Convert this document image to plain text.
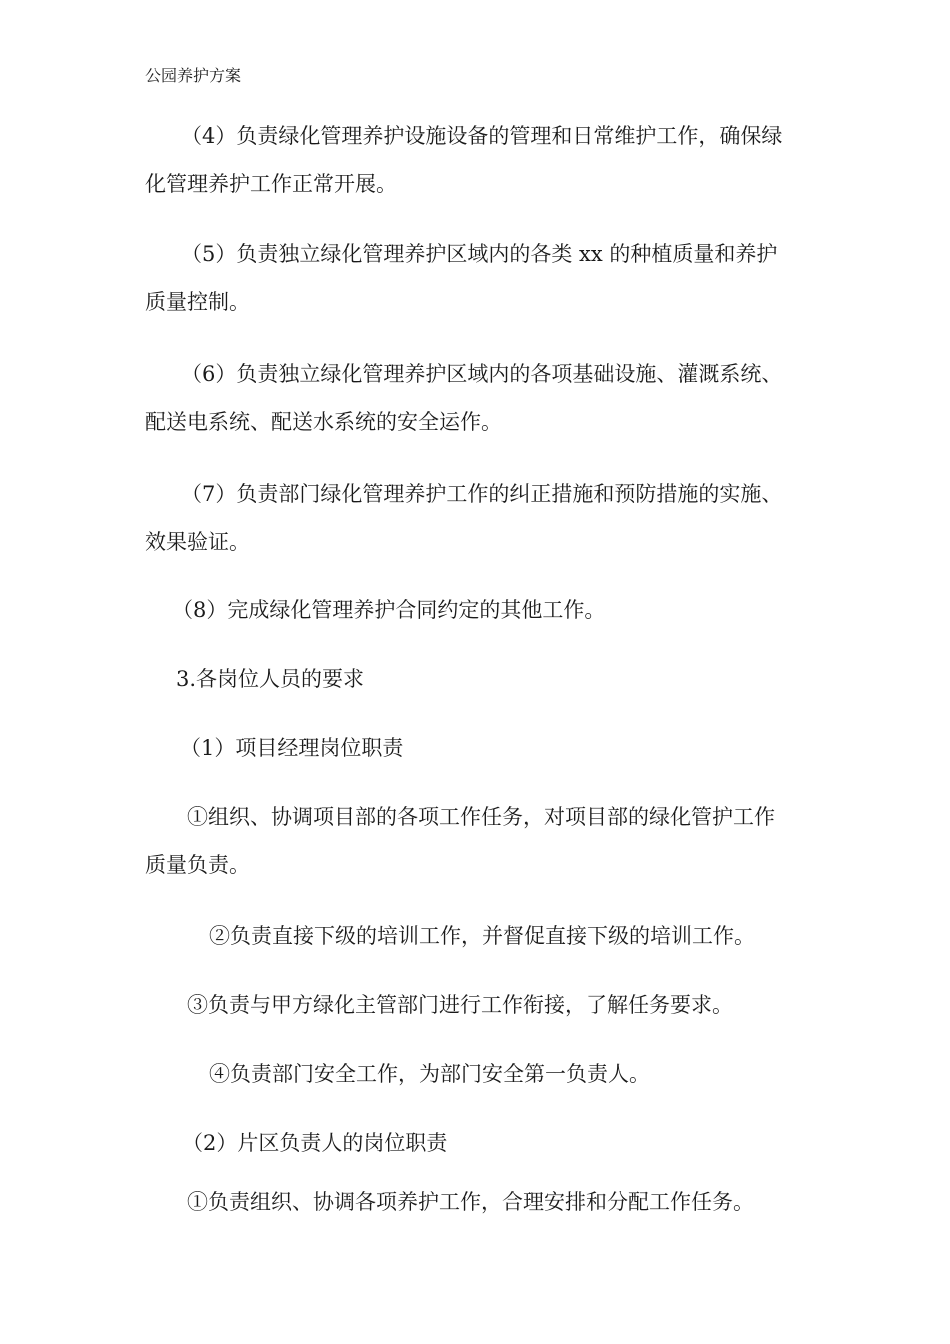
公园养护方案

（4）负责绿化管理养护设施设备的管理和日常维护工作，确保绿
化管理养护工作正常开展。

（5）负责独立绿化管理养护区域内的各类 xx 的种植质量和养护
质量控制。

（6）负责独立绿化管理养护区域内的各项基础设施、灌溉系统、
配送电系统、配送水系统的安全运作。

（7）负责部门绿化管理养护工作的纠正措施和预防措施的实施、
效果验证。

（8）完成绿化管理养护合同约定的其他工作。

3.各岗位人员的要求

（1）项目经理岗位职责

①组织、协调项目部的各项工作任务，对项目部的绿化管护工作
质量负责。

②负责直接下级的培训工作，并督促直接下级的培训工作。

③负责与甲方绿化主管部门进行工作衔接，了解任务要求。

④负责部门安全工作，为部门安全第一负责人。

（2）片区负责人的岗位职责

①负责组织、协调各项养护工作，合理安排和分配工作任务。
